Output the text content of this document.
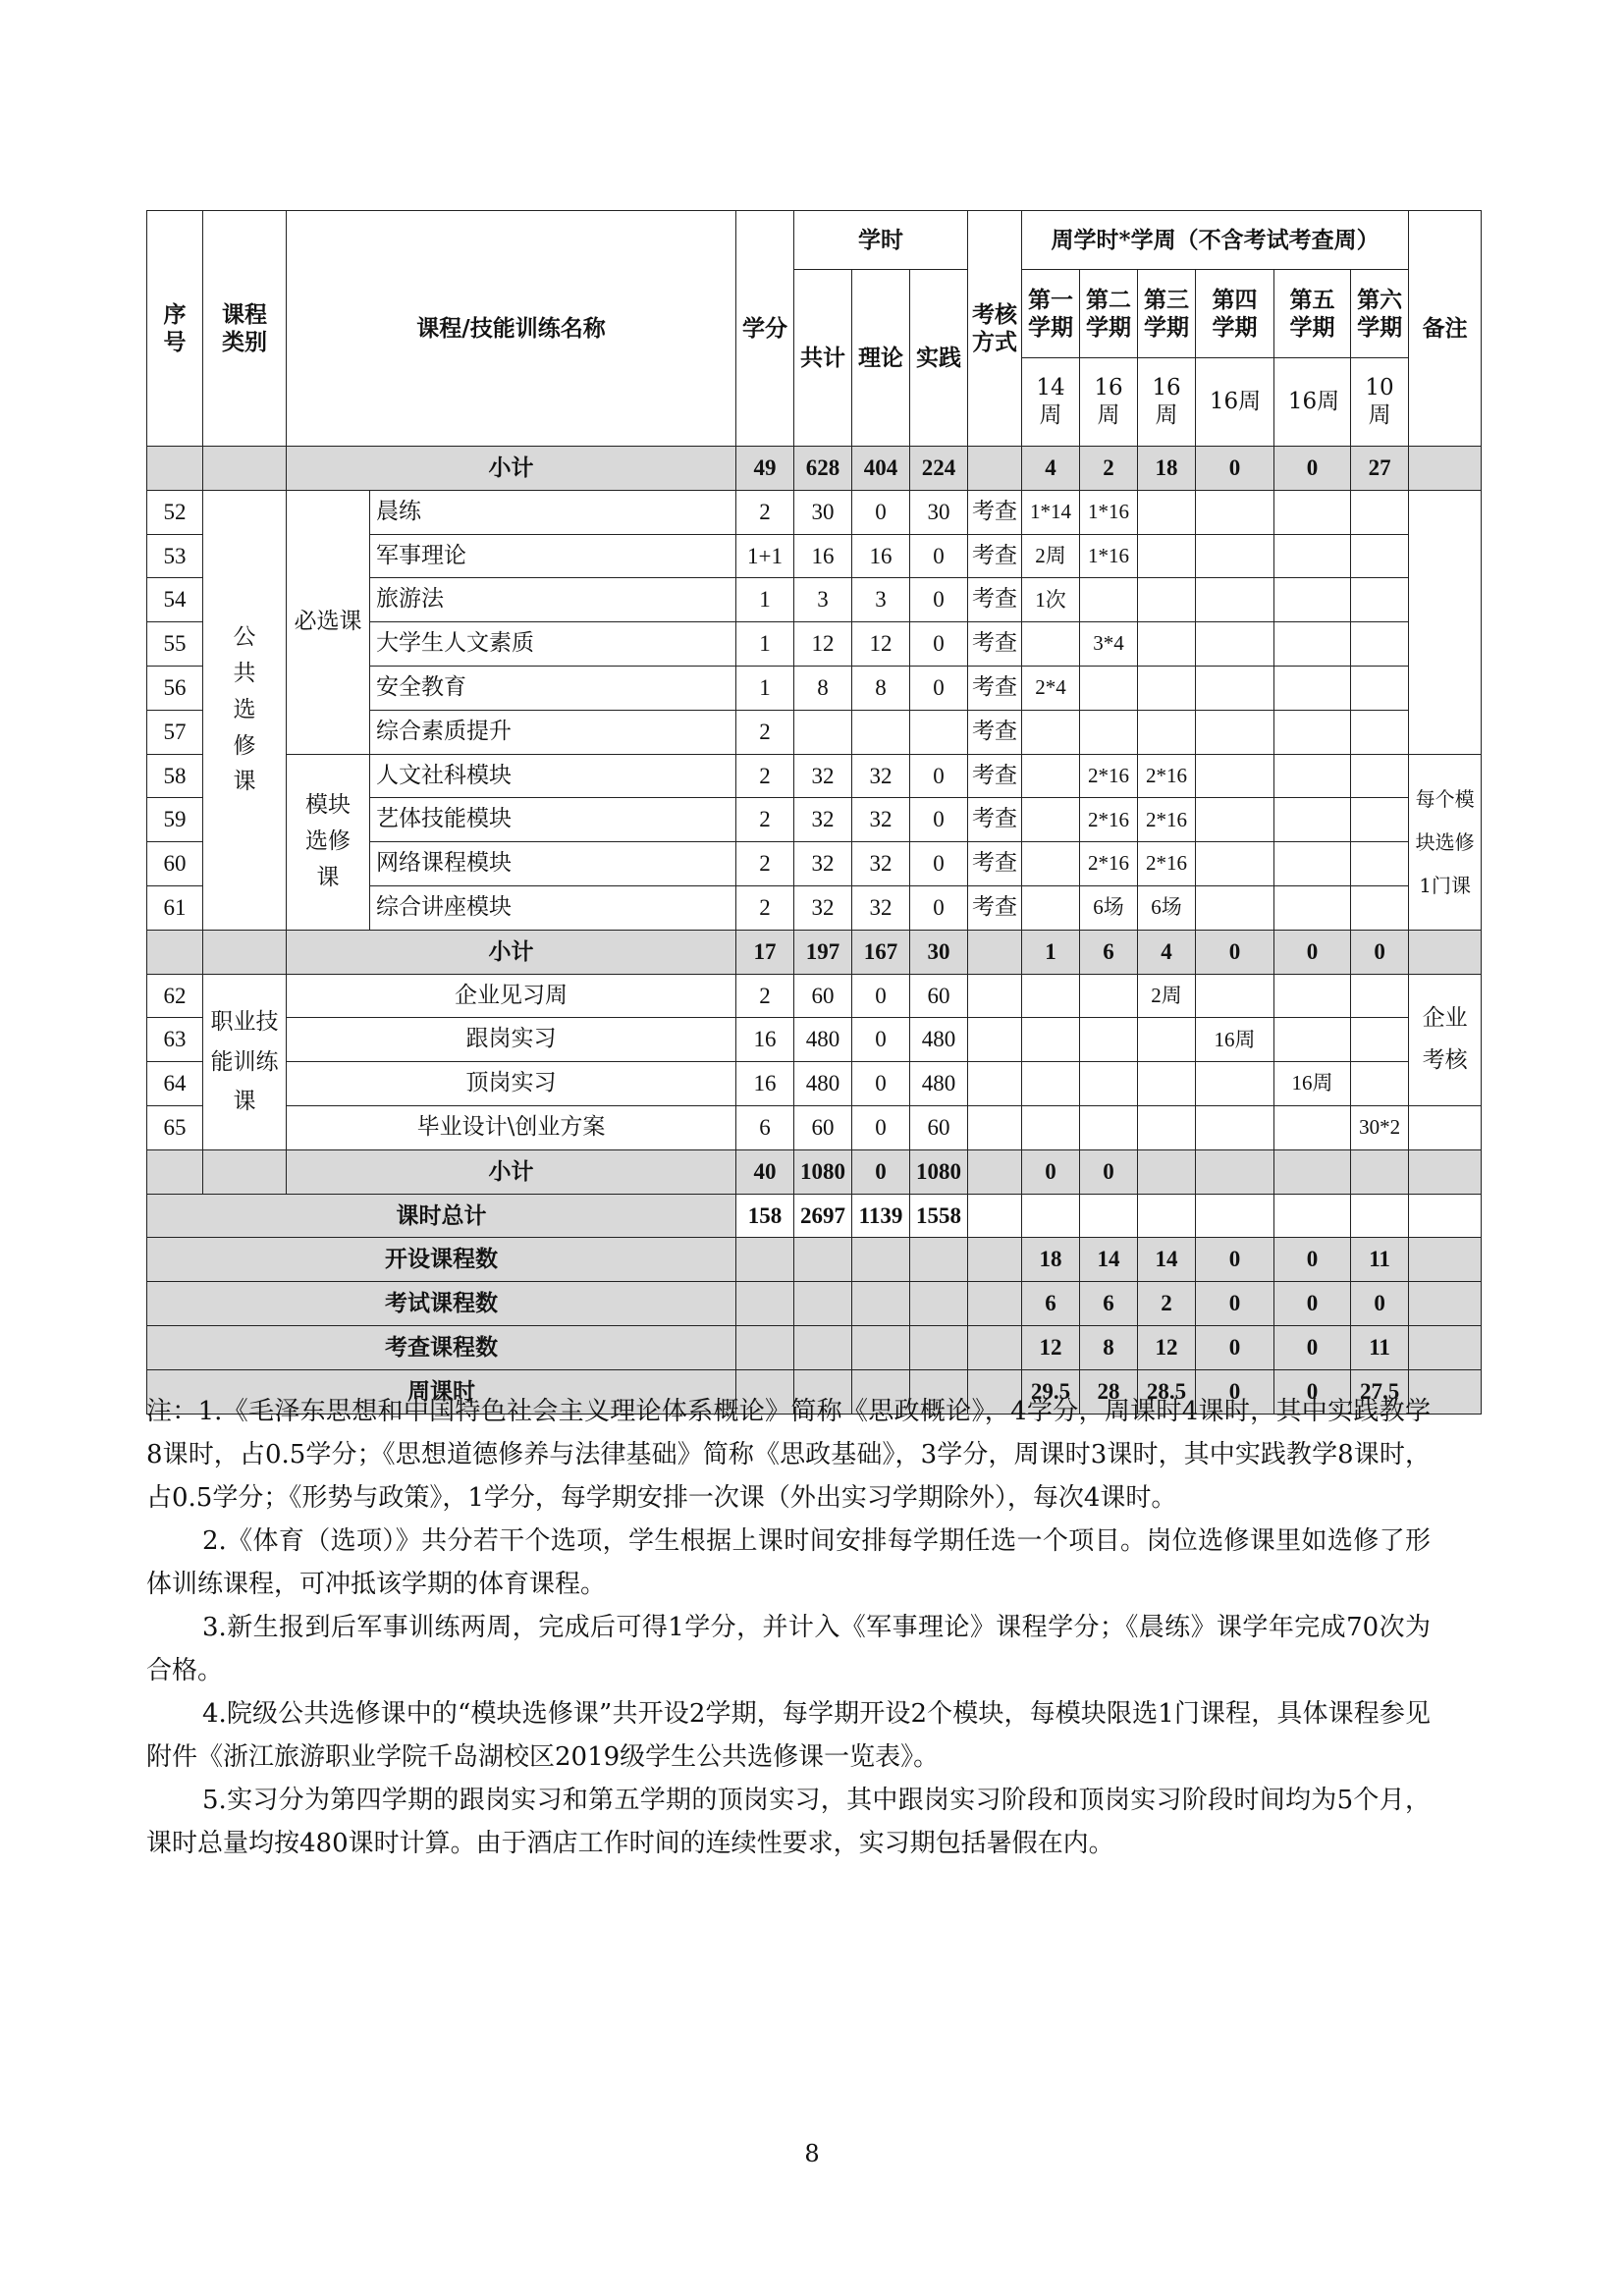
序号	课程类别	课程/技能训练名称		学分	学时			考核方式	周学时*学周（不含考试考查周）						备注
					共计	理论	实践		第一学期	第二学期	第三学期	第四学期	第五学期	第六学期	

									14周	16周	16周	16周	16周	10周	

		小计		49	628	404	224		4	2	18	0	0	27	
52	公共选修课	必选课	晨练	2	30	0	30	考查	1*14	1*16					
53			军事理论	1+1	16	16	0	考查	2周	1*16					
54			旅游法	1	3	3	0	考查	1次						
55			大学生人文素质	1	12	12	0	考查		3*4					
56			安全教育	1	8	8	0	考查	2*4						
57			综合素质提升	2				考查							
58		模块选修课	人文社科模块	2	32	32	0	考查		2*16	2*16				每个模块选修1门课

59			艺体技能模块	2	32	32	0	考查		2*16	2*16				
60			网络课程模块	2	32	32	0	考查		2*16	2*16				
61			综合讲座模块	2	32	32	0	考查		6场	6场				
		小计		17	197	167	30		1	6	4	0	0	0	
62	职业技能训练课	企业见习周		2	60	0	60				2周				企业考核

63		跟岗实习		16	480	0	480					16周			
64		顶岗实习		16	480	0	480						16周		
65		毕业设计\创业方案		6	60	0	60							30*2	
		小计		40	1080	0	1080		0	0					
课时总计				158	2697	1139	1558								
开设课程数									18	14	14	0	0	11	
考试课程数									6	6	2	0	0	0	
考查课程数									12	8	12	0	0	11	
周课时									29.5	28	28.5	0	0	27.5	

注：1.《毛泽东思想和中国特色社会主义理论体系概论》简称《思政概论》，4学分，周课时4课时，其中实践教学8课时，占0.5学分；《思想道德修养与法律基础》简称《思政基础》，3学分，周课时3课时，其中实践教学8课时，占0.5学分；《形势与政策》，1学分，每学期安排一次课（外出实习学期除外），每次4课时。

2.《体育（选项）》共分若干个选项，学生根据上课时间安排每学期任选一个项目。岗位选修课里如选修了形体训练课程，可冲抵该学期的体育课程。

3.新生报到后军事训练两周，完成后可得1学分，并计入《军事理论》课程学分；《晨练》课学年完成70次为合格。

4.院级公共选修课中的“模块选修课”共开设2学期，每学期开设2个模块，每模块限选1门课程，具体课程参见附件《浙江旅游职业学院千岛湖校区2019级学生公共选修课一览表》。

5.实习分为第四学期的跟岗实习和第五学期的顶岗实习，其中跟岗实习阶段和顶岗实习阶段时间均为5个月，课时总量均按480课时计算。由于酒店工作时间的连续性要求，实习期包括暑假在内。

8
